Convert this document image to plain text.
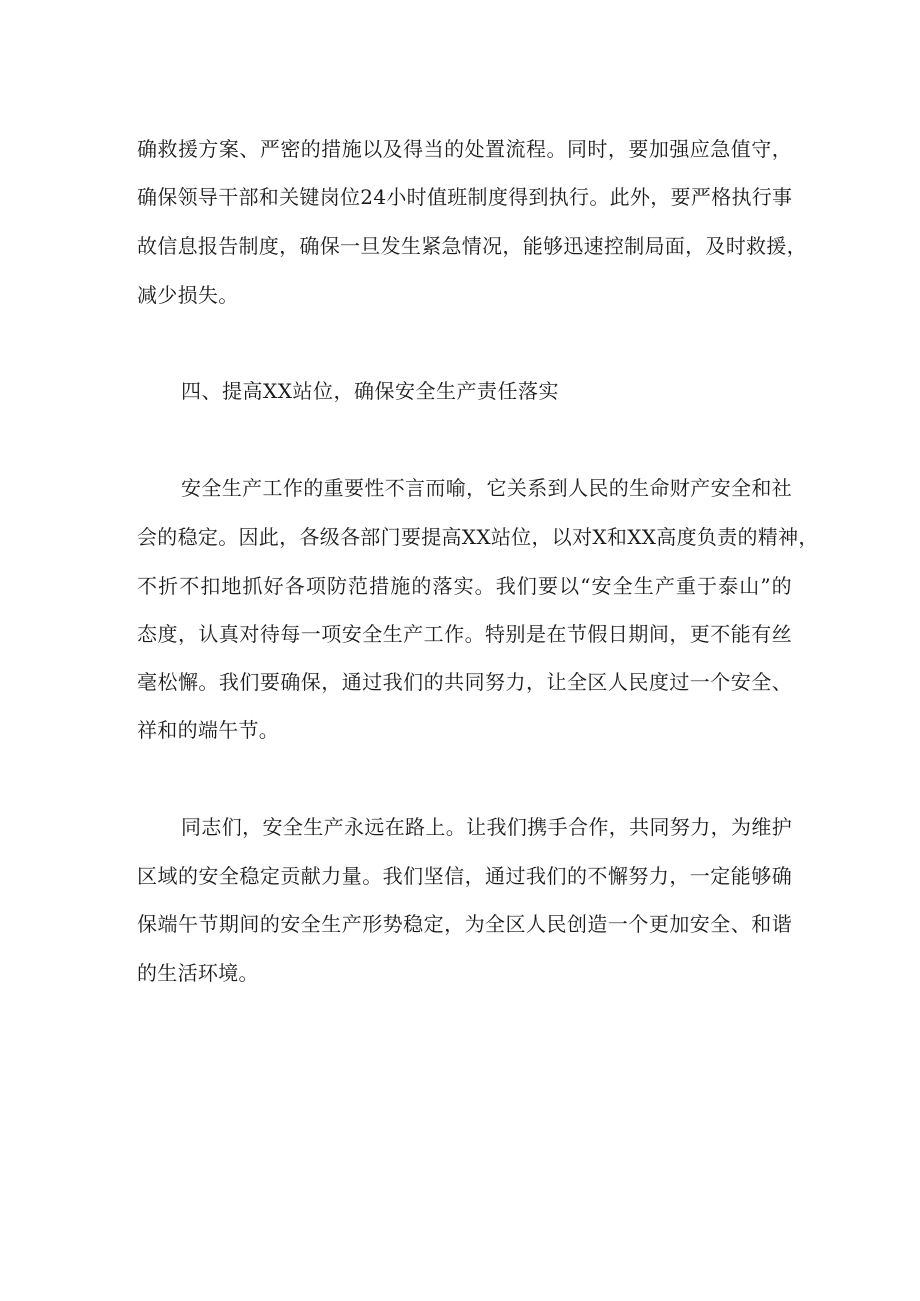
确救援方案、严密的措施以及得当的处置流程。同时，要加强应急值守，
确保领导干部和关键岗位24小时值班制度得到执行。此外，要严格执行事
故信息报告制度，确保一旦发生紧急情况，能够迅速控制局面，及时救援，
减少损失。
四、提高XX站位，确保安全生产责任落实
安全生产工作的重要性不言而喻，它关系到人民的生命财产安全和社
会的稳定。因此，各级各部门要提高XX站位，以对X和XX高度负责的精神，
不折不扣地抓好各项防范措施的落实。我们要以“安全生产重于泰山”的
态度，认真对待每一项安全生产工作。特别是在节假日期间，更不能有丝
毫松懈。我们要确保，通过我们的共同努力，让全区人民度过一个安全、
祥和的端午节。
同志们，安全生产永远在路上。让我们携手合作，共同努力，为维护
区域的安全稳定贡献力量。我们坚信，通过我们的不懈努力，一定能够确
保端午节期间的安全生产形势稳定，为全区人民创造一个更加安全、和谐
的生活环境。
